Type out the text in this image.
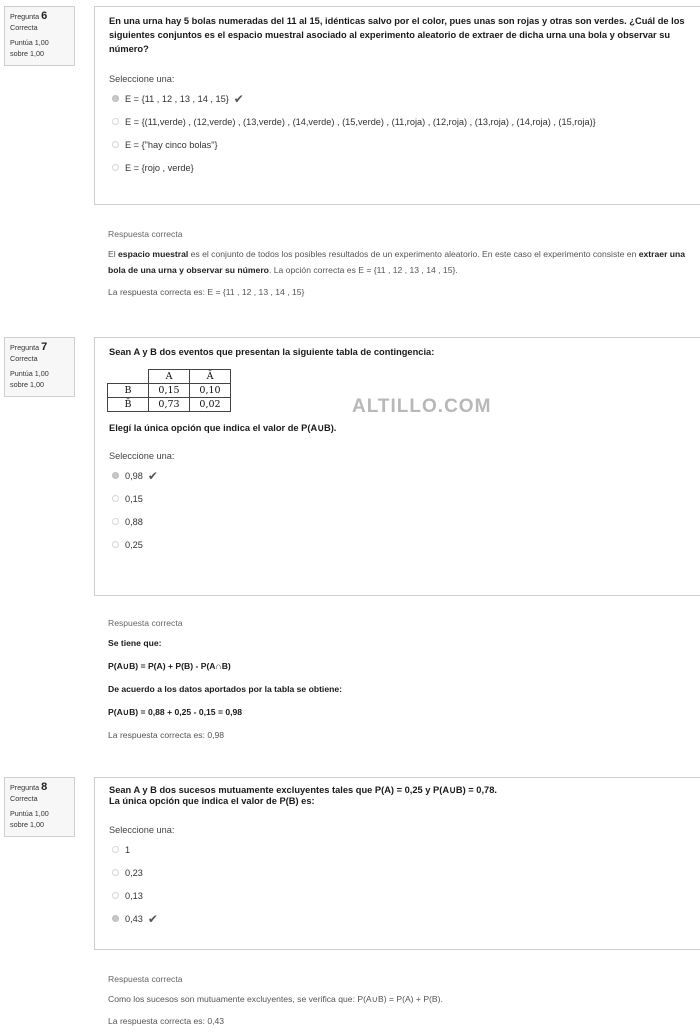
Pregunta 6
Correcta
Puntúa 1,00
sobre 1,00
En una urna hay 5 bolas numeradas del 11 al 15, idénticas salvo por el color, pues unas son rojas y otras son verdes. ¿Cuál de los siguientes conjuntos es el espacio muestral asociado al experimento aleatorio de extraer de dicha urna una bola y observar su número?
Seleccione una:
E = {11 , 12 , 13 , 14 , 15} ✔
E = {(11,verde) , (12,verde) , (13,verde) , (14,verde) , (15,verde) , (11,roja) , (12,roja) , (13,roja) , (14,roja) , (15,roja)}
E = {"hay cinco bolas"}
E = {rojo , verde}
Respuesta correcta
El espacio muestral es el conjunto de todos los posibles resultados de un experimento aleatorio. En este caso el experimento consiste en extraer una bola de una urna y observar su número. La opción correcta es E = {11 , 12 , 13 , 14 , 15}.
La respuesta correcta es: E = {11 , 12 , 13 , 14 , 15}
Pregunta 7
Correcta
Puntúa 1,00
sobre 1,00
Sean A y B dos eventos que presentan la siguiente tabla de contingencia:
	A	Ā
B	0,15	0,10
B̄	0,73	0,02
Elegí la única opción que indica el valor de P(A∪B).
Seleccione una:
0,98 ✔
0,15
0,88
0,25
ALTILLO.COM
Respuesta correcta
Se tiene que:
P(A∪B) = P(A) + P(B) - P(A∩B)
De acuerdo a los datos aportados por la tabla se obtiene:
P(A∪B) = 0,88 + 0,25 - 0,15 = 0,98
La respuesta correcta es: 0,98
Pregunta 8
Correcta
Puntúa 1,00
sobre 1,00
Sean A y B dos sucesos mutuamente excluyentes tales que P(A) = 0,25 y P(A∪B) = 0,78.
La única opción que indica el valor de P(B) es:
Seleccione una:
1
0,23
0,13
0,43 ✔
Respuesta correcta
Como los sucesos son mutuamente excluyentes, se verifica que: P(A∪B) = P(A) + P(B).
La respuesta correcta es: 0,43
